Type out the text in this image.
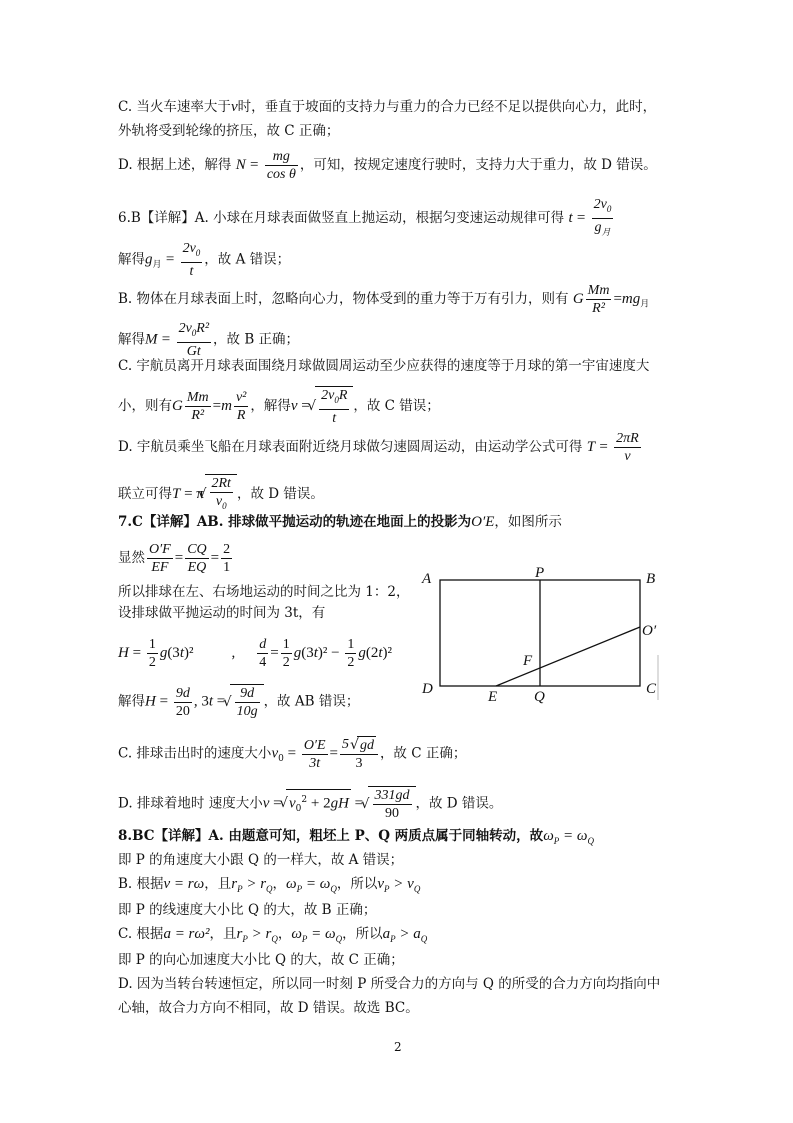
C. 当火车速率大于v时，垂直于坡面的支持力与重力的合力已经不足以提供向心力，此时，
外轨将受到轮缘的挤压，故 C 正确；
D. 根据上述，解得 $N = \frac{mg}{\text{cos θ}}$ ，可知，按规定速度行驶时，支持力大于重力，故 D 错误。
6.B【详解】A. 小球在月球表面做竖直上抛运动，根据匀变速运动规律可得 $t = \frac{2v_0}{g_月}$
解得$g_月 = \frac{2v_0}{t}$ ，故 A 错误；
B. 物体在月球表面上时，忽略向心力，物体受到的重力等于万有引力，则有 G $\frac{Mm}{\text{R²}} =mg_月$
解得$M = \frac{2v_0R^2}{Gt}$ ，故 B 正确；
C. 宇航员离开月球表面围绕月球做圆周运动至少应获得的速度等于月球的第一宇宙速度大
小，则有G $\frac{Mm}{\text{R²}} =m \frac{\text{v²}}{R}$ ，解得v = √ $\frac{2v_0R}{t}$ ，故 C 错误；
D. 宇航员乘坐飞船在月球表面附近绕月球做匀速圆周运动，由运动学公式可得 $T = \frac{2\pi R}{v}$
联立可得T = π √ $\frac{2Rt}{v_0}$ ，故 D 错误。
7.C【详解】AB. 排球做平抛运动的轨迹在地面上的投影为O′E，如图所示
显然 $\frac{O'F}{EF} = \frac{CQ}{EQ} = \frac{2}{1}$
所以排球在左、右场地运动的时间之比为 1：2，
设排球做平抛运动的时间为 3t，有
$H = \frac{1}{2} g(3t)^2$	, $\frac{d}{4} = \frac{1}{2} g(3t)^2 - \frac{1}{2} g(2t)^2$
解得$H = \frac{9d}{20}$ , 3t = √ $\frac{9d}{10g}$ ，故 AB 错误；
C. 排球击出时的速度大小$v_0 = \frac{O'E}{3t} = \frac{5 √ gd}{3}$ ，故 C 正确；
D. 排球着地时 速度大小v = √ $v_0^2 + 2gH$ = √ $\frac{331gd}{90}$ ，故 D 错误。
8.BC【详解】A. 由题意可知，粗坯上 P、Q 两质点属于同轴转动，故$\omega_P = \omega_Q$
即 P 的角速度大小跟 Q 的一样大，故 A 错误；
B. 根据v = rω，且$r_P > r_Q$，$\omega_P = \omega_Q$，所以$v_P > v_Q$
即 P 的线速度大小比 Q 的大，故 B 正确；
C. 根据a = rω²，且$r_P > r_Q$，$\omega_P = \omega_Q$，所以$a_P > a_Q$
即 P 的向心加速度大小比 Q 的大，故 C 正确；
D. 因为当转台转速恒定，所以同一时刻 P 所受合力的方向与 Q 的所受的合力方向均指向中
心轴，故合力方向不相同，故 D 错误。故选 BC。
A	P	B
O′
F
D	E Q	C
2
